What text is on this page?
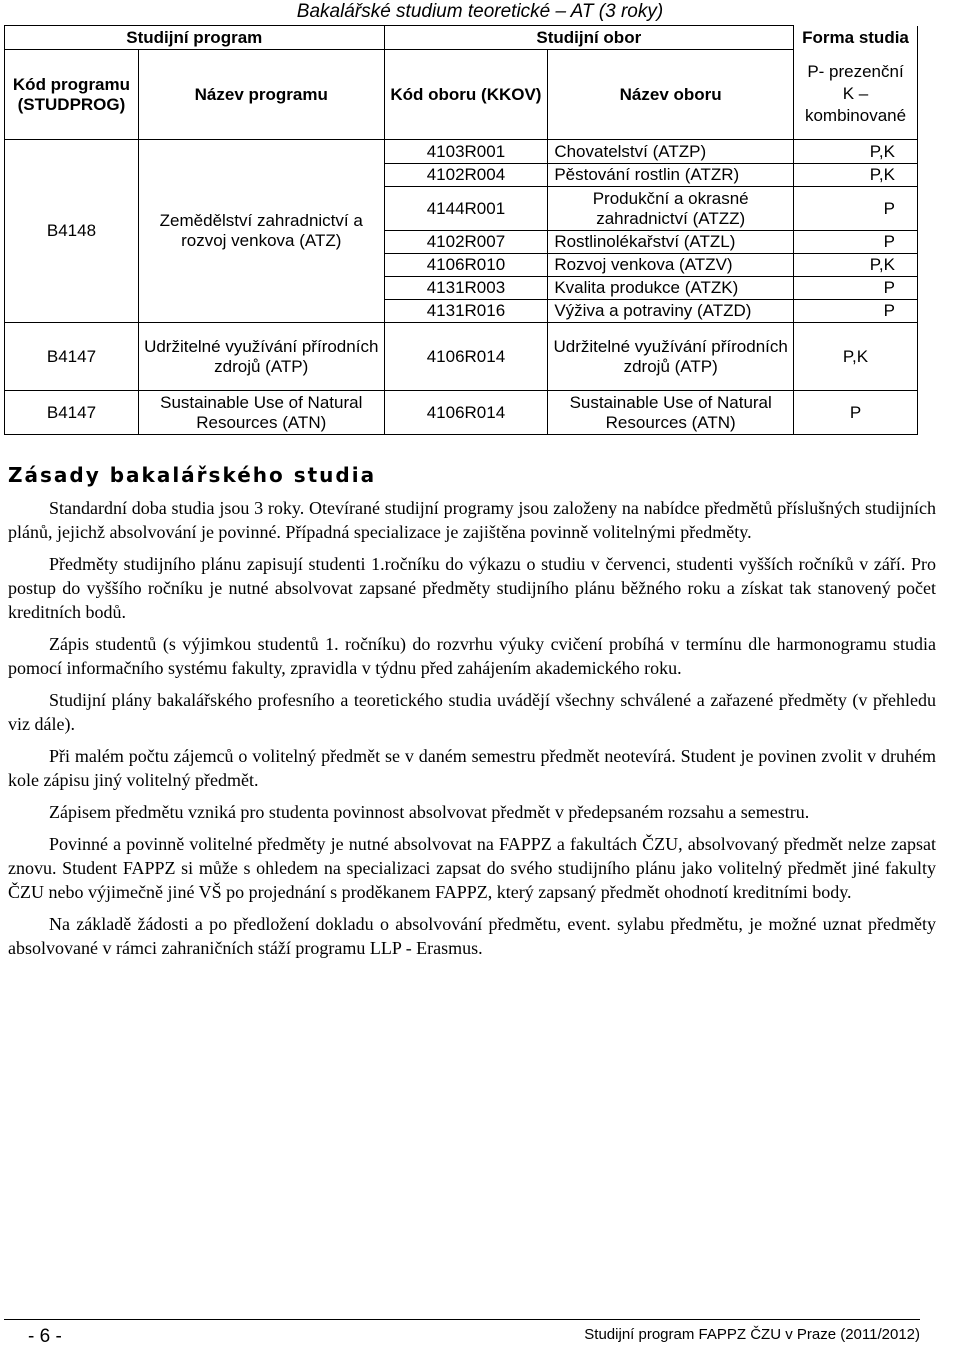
Bakalářské studium teoretické – AT (3 roky)
Studijní program		Studijní obor		Forma studia
Kód programu (STUDPROG)	Název programu	Kód oboru (KKOV)	Název oboru	P- prezenční
K – kombinované

B4148	Zemědělství zahradnictví a rozvoj venkova (ATZ)	4103R001	Chovatelství (ATZP)	P,K
		4102R004	Pěstování rostlin (ATZR)	P,K
		4144R001	Produkční a okrasné zahradnictví (ATZZ)	P
		4102R007	Rostlinolékařství (ATZL)	P
		4106R010	Rozvoj venkova (ATZV)	P,K
		4131R003	Kvalita produkce (ATZK)	P
		4131R016	Výživa a potraviny (ATZD)	P
B4147	Udržitelné využívání přírodních zdrojů (ATP)	4106R014	Udržitelné využívání přírodních zdrojů (ATP)	P,K
B4147	Sustainable Use of Natural Resources (ATN)	4106R014	Sustainable Use of Natural Resources (ATN)	P
Zásady bakalářského studia

Standardní doba studia jsou 3 roky. Otevírané studijní programy jsou založeny na nabídce předmětů příslušných studijních plánů, jejichž absolvování je povinné. Případná specializace je zajištěna povinně volitelnými předměty.

Předměty studijního plánu zapisují studenti 1.ročníku do výkazu o studiu v červenci, studenti vyšších ročníků v září. Pro postup do vyššího ročníku je nutné absolvovat zapsané předměty studijního plánu běžného roku a získat tak stanovený počet kreditních bodů.

Zápis studentů (s výjimkou studentů 1. ročníku) do rozvrhu výuky cvičení probíhá v termínu dle harmonogramu studia pomocí informačního systému fakulty, zpravidla v týdnu před zahájením akademického roku.

Studijní plány bakalářského profesního a teoretického studia uvádějí všechny schválené a zařazené předměty (v přehledu viz dále).

Při malém počtu zájemců o volitelný předmět se v daném semestru předmět neotevírá. Student je povinen zvolit v druhém kole zápisu jiný volitelný předmět.

Zápisem předmětu vzniká pro studenta povinnost absolvovat předmět v předepsaném rozsahu a semestru.

Povinné a povinně volitelné předměty je nutné absolvovat na FAPPZ a fakultách ČZU, absolvovaný předmět nelze zapsat znovu. Student FAPPZ si může s ohledem na specializaci zapsat do svého studijního plánu jako volitelný předmět jiné fakulty ČZU nebo výjimečně jiné VŠ po projednání s proděkanem FAPPZ, který zapsaný předmět ohodnotí kreditními body.

Na základě žádosti a po předložení dokladu o absolvování předmětu, event. sylabu předmětu, je možné uznat předměty absolvované v rámci zahraničních stáží programu LLP - Erasmus.

- 6 -	Studijní program FAPPZ ČZU v Praze (2011/2012)
